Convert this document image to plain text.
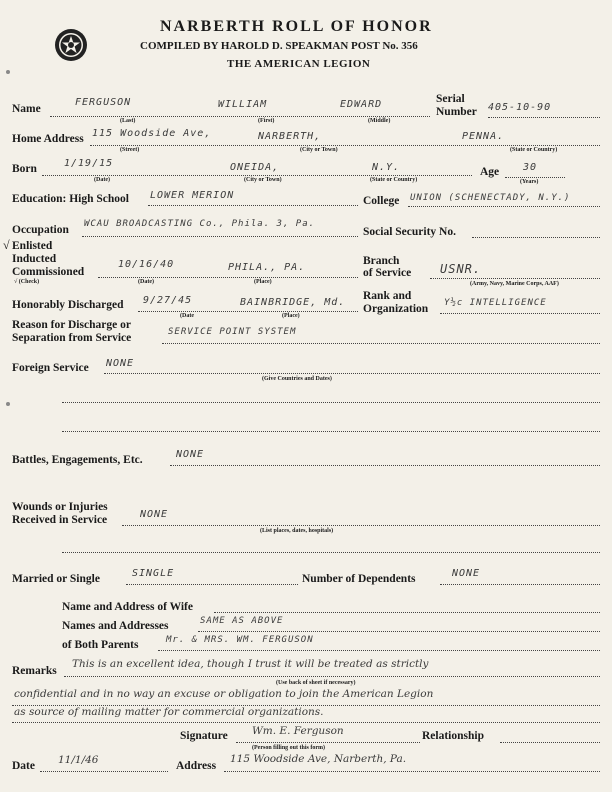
NARBERTH ROLL OF HONOR
COMPILED BY HAROLD D. SPEAKMAN POST No. 356
THE AMERICAN LEGION
Name
FERGUSON	WILLIAM	EDWARD
(Last)	(First)	(Middle)
Serial
Number 405-10-90
Home Address 115 Woodside Ave,	NARBERTH,	PENNA.
(Street)	(City or Town)	(State or Country)
Born	1/19/15	ONEIDA,	N.Y.
(Date)	(City or Town)	(State or Country)
Age 30
(Years)
Education: High School LOWER MERION	College UNION (SCHENECTADY, N.Y.)
Occupation WCAU BROADCASTING Co., Phila. 3, Pa.
Social Security No.
√ Enlisted
Inducted
Commissioned
10/16/40	PHILA., PA.
√ (Check)	(Date)	(Place)
Branch
of Service USNR.
(Army, Navy, Marine Corps, AAF)
Honorably Discharged 9/27/45	BAINBRIDGE, Md.
(Date	(Place)
Rank and
Organization Y½c INTELLIGENCE
Reason for Discharge or
Separation from Service	SERVICE POINT SYSTEM
Foreign Service NONE
(Give Countries and Dates)
Battles, Engagements, Etc.	NONE
Wounds or Injuries
Received in Service	NONE
(List places, dates, hospitals)
Married or Single	SINGLE	Number of Dependents	NONE
Name and Address of Wife
Names and Addresses	SAME AS ABOVE
of Both Parents	Mr. & MRS. WM. FERGUSON
Remarks
This is an excellent idea, though I trust it will be treated as strictly
(Use back of sheet if necessary)
confidential and in no way an excuse or obligation to join the American Legion
as source of mailing matter for commercial organizations.
Signature Wm. E. Ferguson
(Person filling out this form)
Relationship
Date 11/1/46	Address
115 Woodside Ave, Narberth, Pa.
